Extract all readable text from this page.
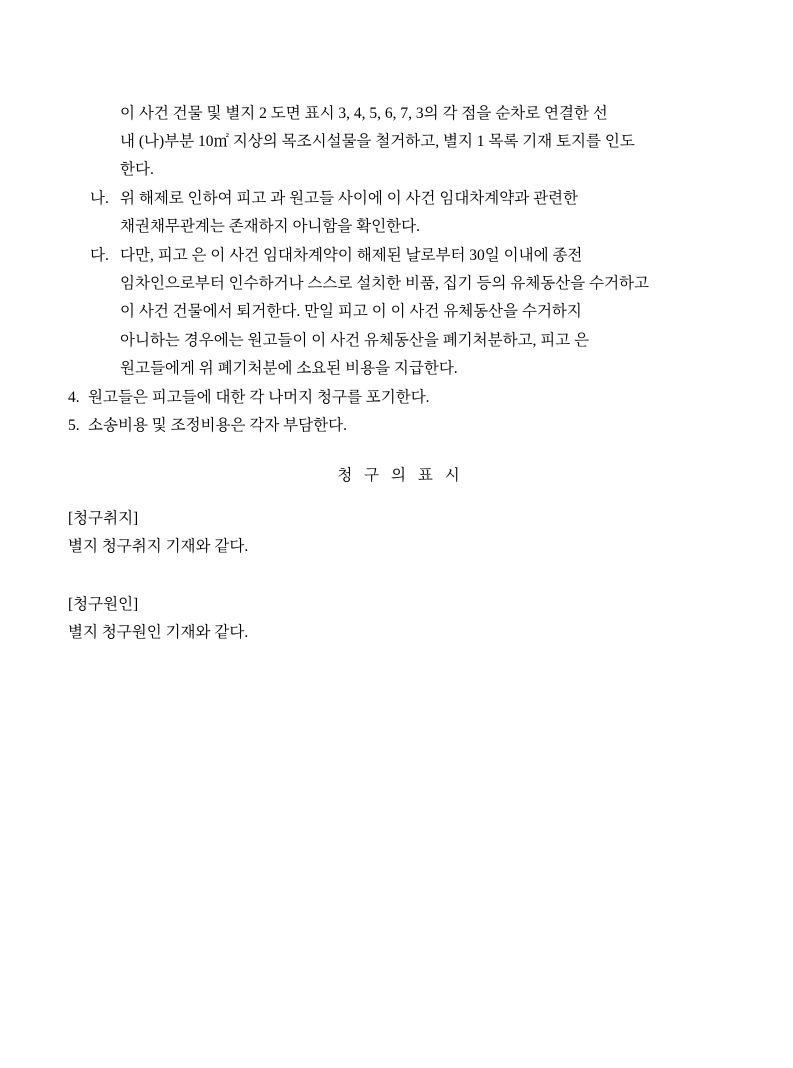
이 사건 건물 및 별지 2 도면 표시 3, 4, 5, 6, 7, 3의 각 점을 순차로 연결한 선
내 (나)부분 10㎡ 지상의 목조시설물을 철거하고, 별지 1 목록 기재 토지를 인도
한다.
나. 위 해제로 인하여 피고 과 원고들 사이에 이 사건 임대차계약과 관련한
채권채무관계는 존재하지 아니함을 확인한다.
다. 다만, 피고 은 이 사건 임대차계약이 해제된 날로부터 30일 이내에 종전
임차인으로부터 인수하거나 스스로 설치한 비품, 집기 등의 유체동산을 수거하고
이 사건 건물에서 퇴거한다. 만일 피고 이 이 사건 유체동산을 수거하지
아니하는 경우에는 원고들이 이 사건 유체동산을 폐기처분하고, 피고 은
원고들에게 위 폐기처분에 소요된 비용을 지급한다.
4. 원고들은 피고들에 대한 각 나머지 청구를 포기한다.
5. 소송비용 및 조정비용은 각자 부담한다.
청 구 의 표 시
[청구취지]
별지 청구취지 기재와 같다.
[청구원인]
별지 청구원인 기재와 같다.
